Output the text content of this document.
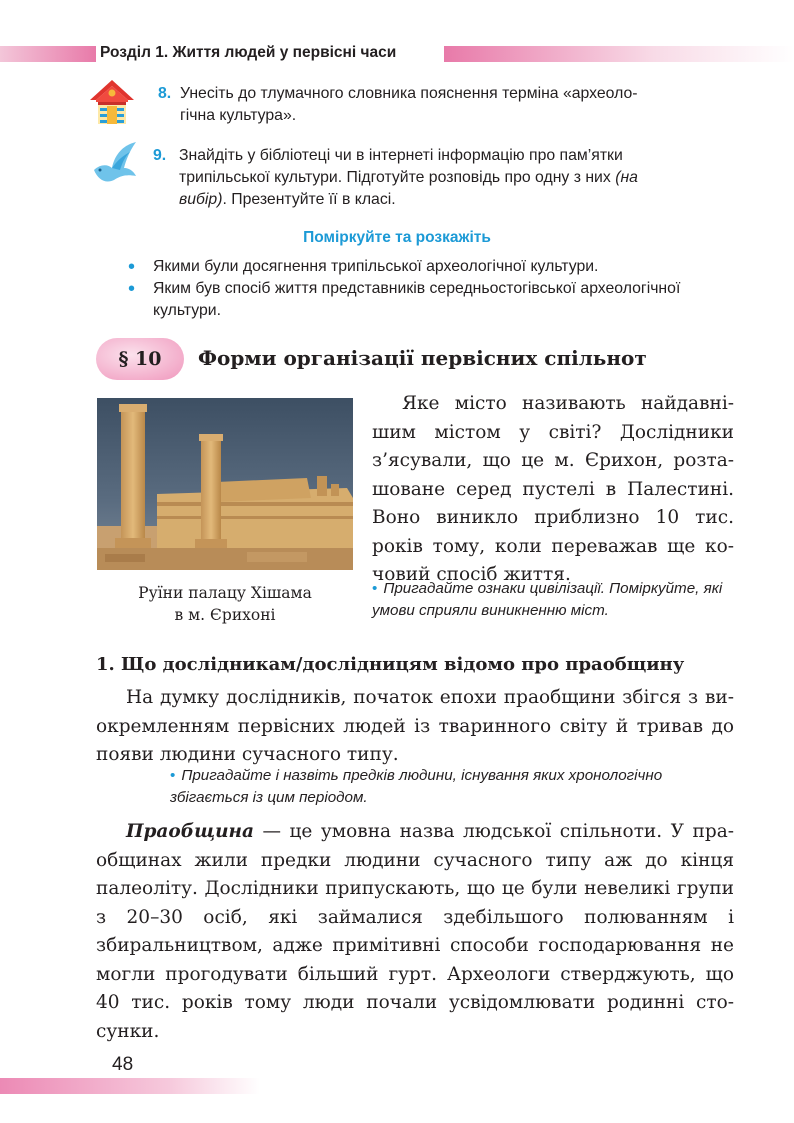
Розділ 1. Життя людей у первісні часи
8. Унесіть до тлумачного словника пояснення терміна «археоло-
гічна культура».
9. Знайдіть у бібліотеці чи в інтернеті інформацію про пам’ятки
трипільської культури. Підготуйте розповідь про одну з них (на
вибір). Презентуйте її в класі.
Поміркуйте та розкажіть
• Якими були досягнення трипільської археологічної культури.
• Яким був спосіб життя представників середньостогівської археологічної культури.
§ 10	Форми організації первісних спільнот
Руїни палацу Хішама
в м. Єрихоні

Яке місто називають найдавнішим містом у світі? Дослідники з’ясували, що це м. Єрихон, розташоване серед пустелі в Палестині. Воно виникло приблизно 10 тис. років тому, коли переважав ще кочовий спосіб життя.

• Пригадайте ознаки цивілізації. Поміркуйте, які умови сприяли виникненню міст.
1. Що дослідникам/дослідницям відомо про праобщину

На думку дослідників, початок епохи праобщини збігся з виокремленням первісних людей із тваринного світу й тривав до появи людини сучасного типу.

• Пригадайте і назвіть предків людини, існування яких хронологічно збігається із цим періодом.

Праобщина — це умовна назва людської спільноти. У праобщинах жили предки людини сучасного типу аж до кінця палеоліту. Дослідники припускають, що це були невеликі групи з 20–30 осіб, які займалися здебільшого полюванням і збиральництвом, адже примітивні способи господарювання не могли прогодувати більший гурт. Археологи стверджують, що 40 тис. років тому люди почали усвідомлювати родинні стосунки.

48
